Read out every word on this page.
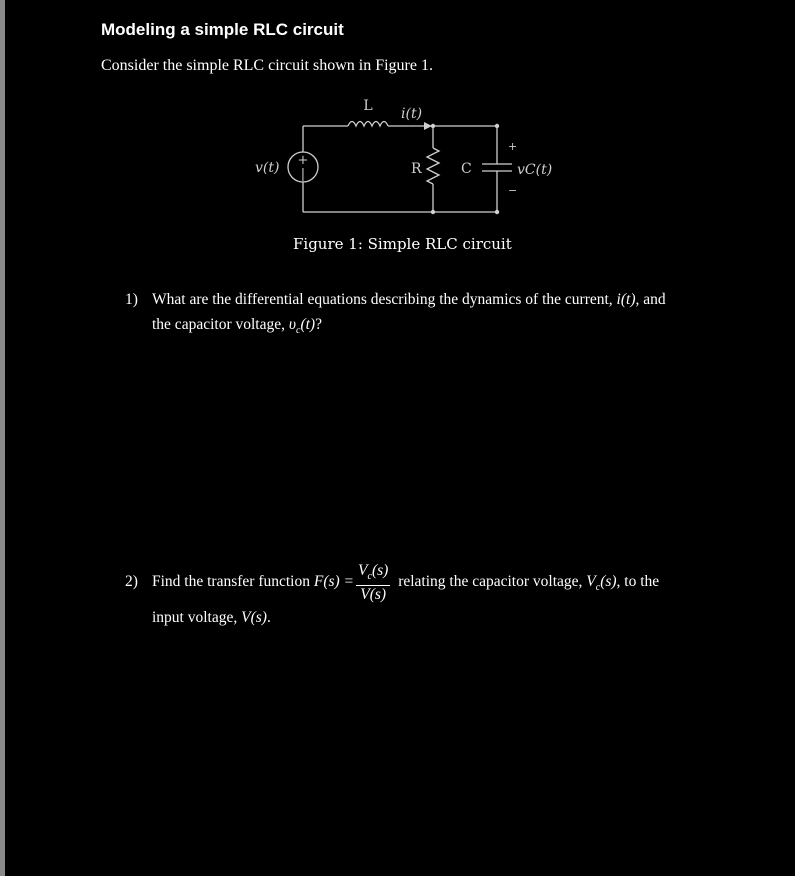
Modeling a simple RLC circuit
Consider the simple RLC circuit shown in Figure 1.
+
|
L i(t)
v(t)	R	C	vC(t)
+
−
Figure 1: Simple RLC circuit
1) What are the differential equations describing the dynamics of the current, i(t), and
the capacitor voltage, $\upsilon_c(t)$?
2) Find the transfer function $F(s) = \frac{V_c(s)}{V(s)}$ relating the capacitor voltage, $V_c(s)$, to the
input voltage, V(s).
